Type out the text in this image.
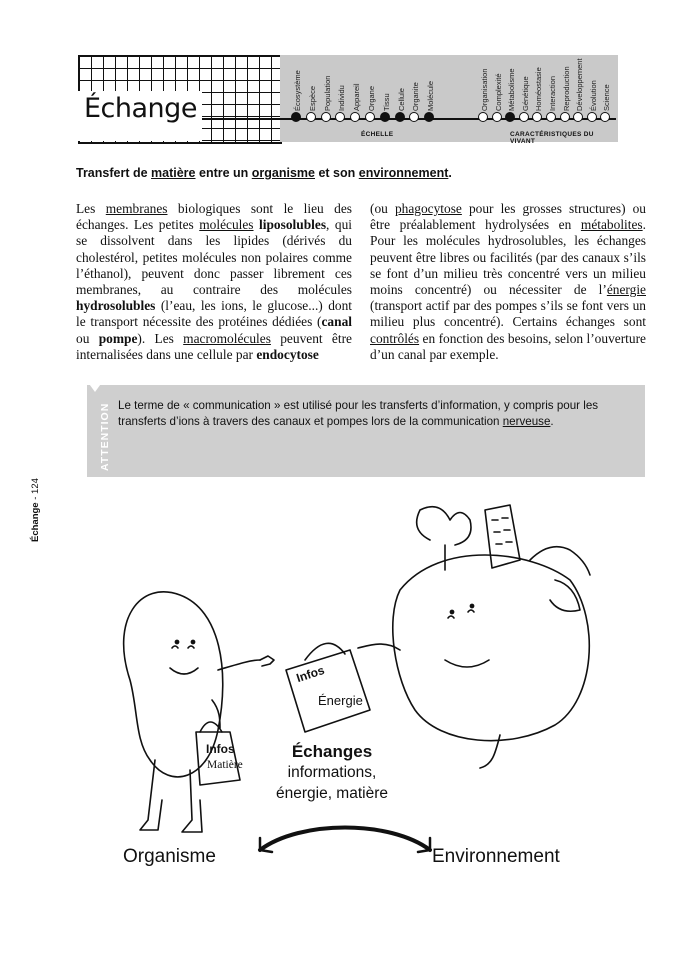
Échange	Écosystème Espèce Population Individu Appareil Organe Tissu Cellule Organite Molécule	Organisation Complexité Métabolisme Génétique Homéostasie Interaction Reproduction Développement Évolution Science
ÉCHELLE	CARACTÉRISTIQUES DU VIVANT
Transfert de matière entre un organisme et son environnement.
Les membranes biologiques sont le lieu des échanges. Les petites molécules liposolubles, qui se dissolvent dans les lipides (dérivés du cholestérol, petites molécules non polaires comme l’éthanol), peuvent donc passer librement ces membranes, au contraire des molécules hydrosolubles (l’eau, les ions, le glucose...) dont le transport nécessite des protéines dédiées (canal ou pompe). Les macromolécules peuvent être internalisées dans une cellule par endocytose
(ou phagocytose pour les grosses structures) ou être préalablement hydrolysées en métabolites. Pour les molécules hydrosolubles, les échanges peuvent être libres ou facilités (par des canaux s’ils se font d’un milieu très concentré vers un milieu moins concentré) ou nécessiter de l’énergie (transport actif par des pompes s’ils se font vers un milieu plus concentré). Certains échanges sont contrôlés en fonction des besoins, selon l’ouverture d’un canal par exemple.
ATTENTION Le terme de « communication » est utilisé pour les transferts d’information, y compris pour les transferts d’ions à travers des canaux et pompes lors de la communication nerveuse.
Échange - 124
Infos
Énergie
Infos
Matière
Échanges
informations,
énergie, matière
Organisme	Environnement
